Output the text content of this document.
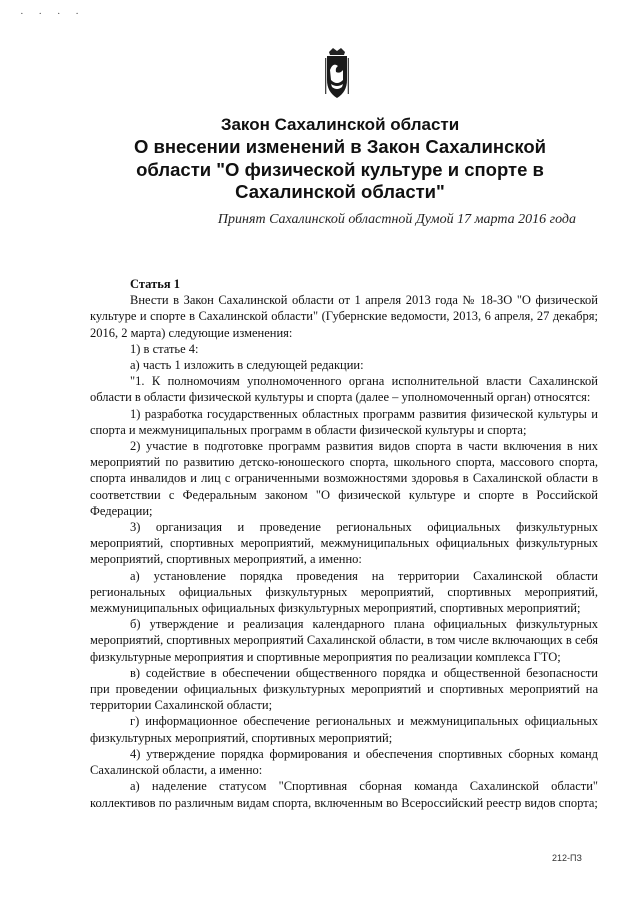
· · · ·
Закон Сахалинской области
О внесении изменений в Закон Сахалинской области "О физической культуре и спорте в Сахалинской области"
Принят Сахалинской областной Думой 17 марта 2016 года

Статья 1

Внести в Закон Сахалинской области от 1 апреля 2013 года № 18-ЗО "О физической культуре и спорте в Сахалинской области" (Губернские ведомости, 2013, 6 апреля, 27 декабря; 2016, 2 марта) следующие изменения:

1) в статье 4:

а) часть 1 изложить в следующей редакции:

"1. К полномочиям уполномоченного органа исполнительной власти Сахалинской области в области физической культуры и спорта (далее – уполномоченный орган) относятся:

1) разработка государственных областных программ развития физической культуры и спорта и межмуниципальных программ в области физической культуры и спорта;

2) участие в подготовке программ развития видов спорта в части включения в них мероприятий по развитию детско-юношеского спорта, школьного спорта, массового спорта, спорта инвалидов и лиц с ограниченными возможностями здоровья в Сахалинской области в соответствии с Федеральным законом "О физической культуре и спорте в Российской Федерации;

3) организация и проведение региональных официальных физкультурных мероприятий, спортивных мероприятий, межмуниципальных официальных физкультурных мероприятий, спортивных мероприятий, а именно:

а) установление порядка проведения на территории Сахалинской области региональных официальных физкультурных мероприятий, спортивных мероприятий, межмуниципальных официальных физкультурных мероприятий, спортивных мероприятий;

б) утверждение и реализация календарного плана официальных физкультурных мероприятий, спортивных мероприятий Сахалинской области, в том числе включающих в себя физкультурные мероприятия и спортивные мероприятия по реализации комплекса ГТО;

в) содействие в обеспечении общественного порядка и общественной безопасности при проведении официальных физкультурных мероприятий и спортивных мероприятий на территории Сахалинской области;

г) информационное обеспечение региональных и межмуниципальных официальных физкультурных мероприятий, спортивных мероприятий;

4) утверждение порядка формирования и обеспечения спортивных сборных команд Сахалинской области, а именно:

а) наделение статусом "Спортивная сборная команда Сахалинской области" коллективов по различным видам спорта, включенным во Всероссийский реестр видов спорта;

212-ПЗ
